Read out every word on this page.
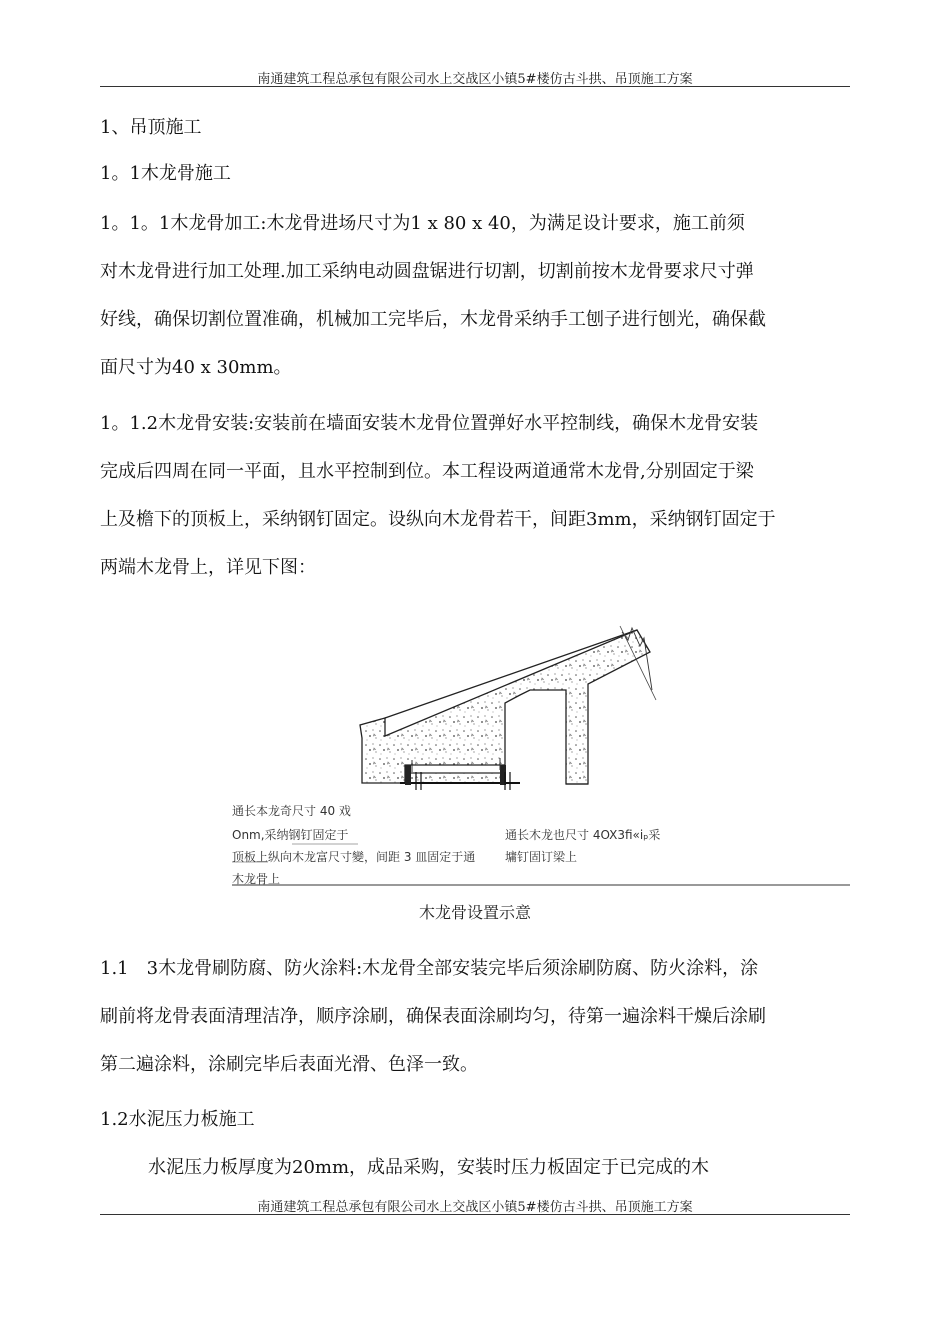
南通建筑工程总承包有限公司水上交战区小镇5#楼仿古斗拱、吊顶施工方案
1、吊顶施工
1。1木龙骨施工
1。1。1木龙骨加工:木龙骨进场尺寸为1 x 80 x 40，为满足设计要求，施工前须
对木龙骨进行加工处理.加工采纳电动圆盘锯进行切割，切割前按木龙骨要求尺寸弹
好线，确保切割位置准确，机械加工完毕后，木龙骨采纳手工刨子进行刨光，确保截
面尺寸为40 x 30mm。
1。1.2木龙骨安装:安装前在墙面安装木龙骨位置弹好水平控制线，确保木龙骨安装
完成后四周在同一平面，且水平控制到位。本工程设两道通常木龙骨,分别固定于梁
上及檐下的顶板上，采纳钢钉固定。设纵向木龙骨若干，间距3mm，采纳钢钉固定于
两端木龙骨上，详见下图：
通长本龙奇尺寸 40 戏
Onm,采纳钢钉固定于	通长木龙也尺寸 4OX3fi«iₚ采
顶板上纵向木龙富尺寸變，间距 3 皿固定于通 墉钉固订梁上
木龙骨上
木龙骨设置示意
1.1　3木龙骨刷防腐、防火涂料:木龙骨全部安装完毕后须涂刷防腐、防火涂料，涂
刷前将龙骨表面清理洁净，顺序涂刷，确保表面涂刷均匀，待第一遍涂料干燥后涂刷
第二遍涂料，涂刷完毕后表面光滑、色泽一致。
1.2水泥压力板施工
水泥压力板厚度为20mm，成品采购，安装时压力板固定于已完成的木
南通建筑工程总承包有限公司水上交战区小镇5#楼仿古斗拱、吊顶施工方案
